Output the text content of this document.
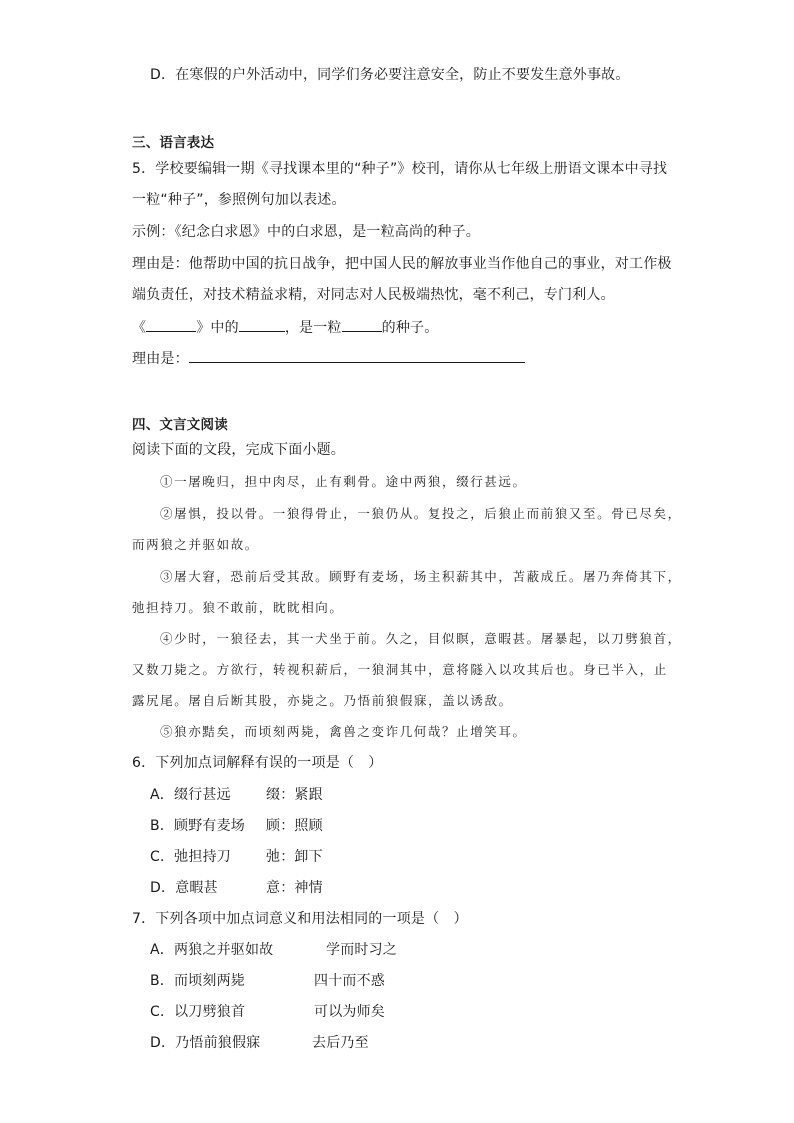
D．在寒假的户外活动中，同学们务必要注意安全，防止不要发生意外事故。
三、语言表达
5．学校要编辑一期《寻找课本里的“种子”》校刊，请你从七年级上册语文课本中寻找
一粒“种子”，参照例句加以表述。
示例：《纪念白求恩》中的白求恩，是一粒高尚的种子。
理由是：他帮助中国的抗日战争，把中国人民的解放事业当作他自己的事业，对工作极
端负责任，对技术精益求精，对同志对人民极端热忱，毫不利己，专门利人。
《	》中的	，是一粒	的种子。
理由是：
四、文言文阅读
阅读下面的文段，完成下面小题。
①一屠晚归，担中肉尽，止有剩骨。途中两狼，缀行甚远。
②屠惧，投以骨。一狼得骨止，一狼仍从。复投之，后狼止而前狼又至。骨已尽矣，
而两狼之并驱如故。
③屠大窘，恐前后受其敌。顾野有麦场，场主积薪其中，苫蔽成丘。屠乃奔倚其下，
弛担持刀。狼不敢前，眈眈相向。
④少时，一狼径去，其一犬坐于前。久之，目似瞑，意暇甚。屠暴起，以刀劈狼首，
又数刀毙之。方欲行，转视积薪后，一狼洞其中，意将隧入以攻其后也。身已半入，止
露尻尾。屠自后断其股，亦毙之。乃悟前狼假寐，盖以诱敌。
⑤狼亦黠矣，而顷刻两毙，禽兽之变诈几何哉？止增笑耳。
6．下列加点词解释有误的一项是（　）
A．缀行甚远	缀：紧跟
B．顾野有麦场 顾：照顾
C．弛担持刀	弛：卸下
D．意暇甚	意：神情
7．下列各项中加点词意义和用法相同的一项是（　）
A．两狼之并驱如故	学而时习之
B．而顷刻两毙	四十而不惑
C．以刀劈狼首	可以为师矣
D．乃悟前狼假寐	去后乃至
